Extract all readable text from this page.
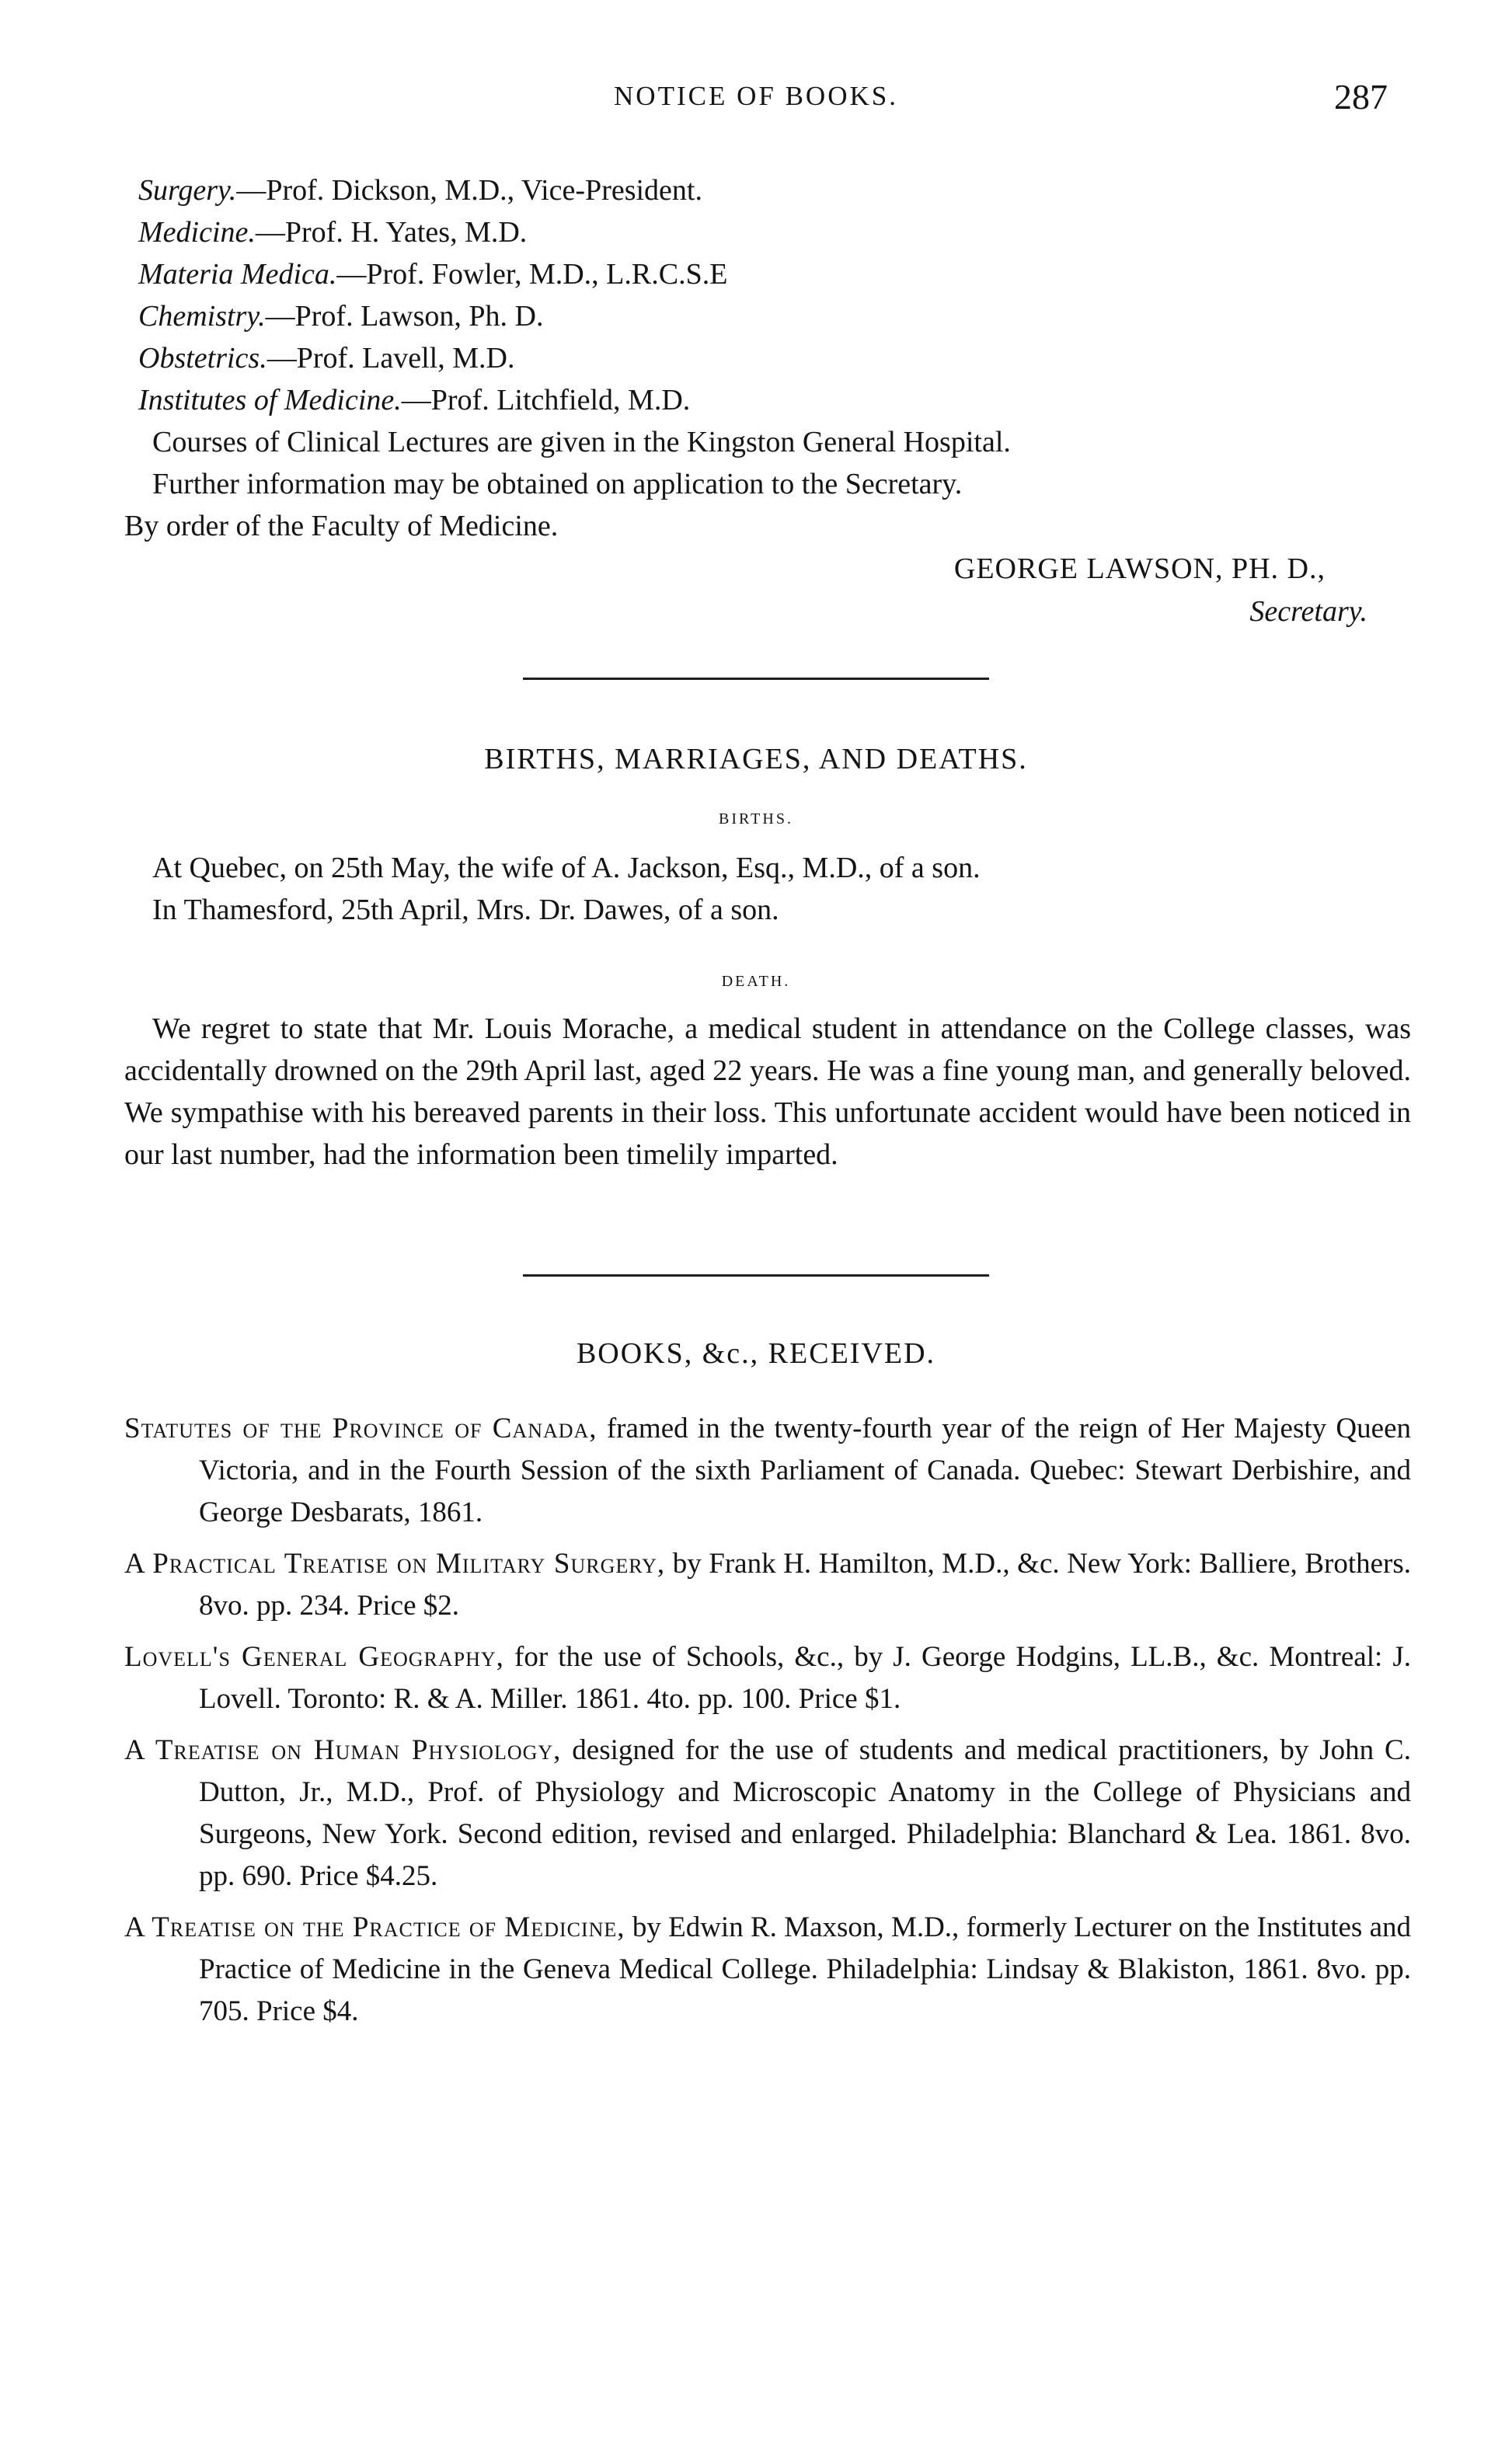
NOTICE OF BOOKS.	287
Surgery.—Prof. Dickson, M.D., Vice-President.
Medicine.—Prof. H. Yates, M.D.
Materia Medica.—Prof. Fowler, M.D., L.R.C.S.E
Chemistry.—Prof. Lawson, Ph. D.
Obstetrics.—Prof. Lavell, M.D.
Institutes of Medicine.—Prof. Litchfield, M.D.
Courses of Clinical Lectures are given in the Kingston General Hospital.
Further information may be obtained on application to the Secretary.
By order of the Faculty of Medicine.
GEORGE LAWSON, PH. D.,
Secretary.
BIRTHS, MARRIAGES, AND DEATHS.
BIRTHS.
At Quebec, on 25th May, the wife of A. Jackson, Esq., M.D., of a son.
In Thamesford, 25th April, Mrs. Dr. Dawes, of a son.
DEATH.
We regret to state that Mr. Louis Morache, a medical student in attendance on the College classes, was accidentally drowned on the 29th April last, aged 22 years. He was a fine young man, and generally beloved. We sympathise with his bereaved parents in their loss. This unfortunate accident would have been noticed in our last number, had the information been timelily imparted.
BOOKS, &c., RECEIVED.
Statutes of the Province of Canada, framed in the twenty-fourth year of the reign of Her Majesty Queen Victoria, and in the Fourth Session of the sixth Parliament of Canada. Quebec: Stewart Derbishire, and George Desbarats, 1861.
A Practical Treatise on Military Surgery, by Frank H. Hamilton, M.D., &c. New York: Balliere, Brothers. 8vo. pp. 234. Price $2.
Lovell's General Geography, for the use of Schools, &c., by J. George Hodgins, LL.B., &c. Montreal: J. Lovell. Toronto: R. & A. Miller. 1861. 4to. pp. 100. Price $1.
A Treatise on Human Physiology, designed for the use of students and medical practitioners, by John C. Dutton, Jr., M.D., Prof. of Physiology and Microscopic Anatomy in the College of Physicians and Surgeons, New York. Second edition, revised and enlarged. Philadelphia: Blanchard & Lea. 1861. 8vo. pp. 690. Price $4.25.
A Treatise on the Practice of Medicine, by Edwin R. Maxson, M.D., formerly Lecturer on the Institutes and Practice of Medicine in the Geneva Medical College. Philadelphia: Lindsay & Blakiston, 1861. 8vo. pp. 705. Price $4.
